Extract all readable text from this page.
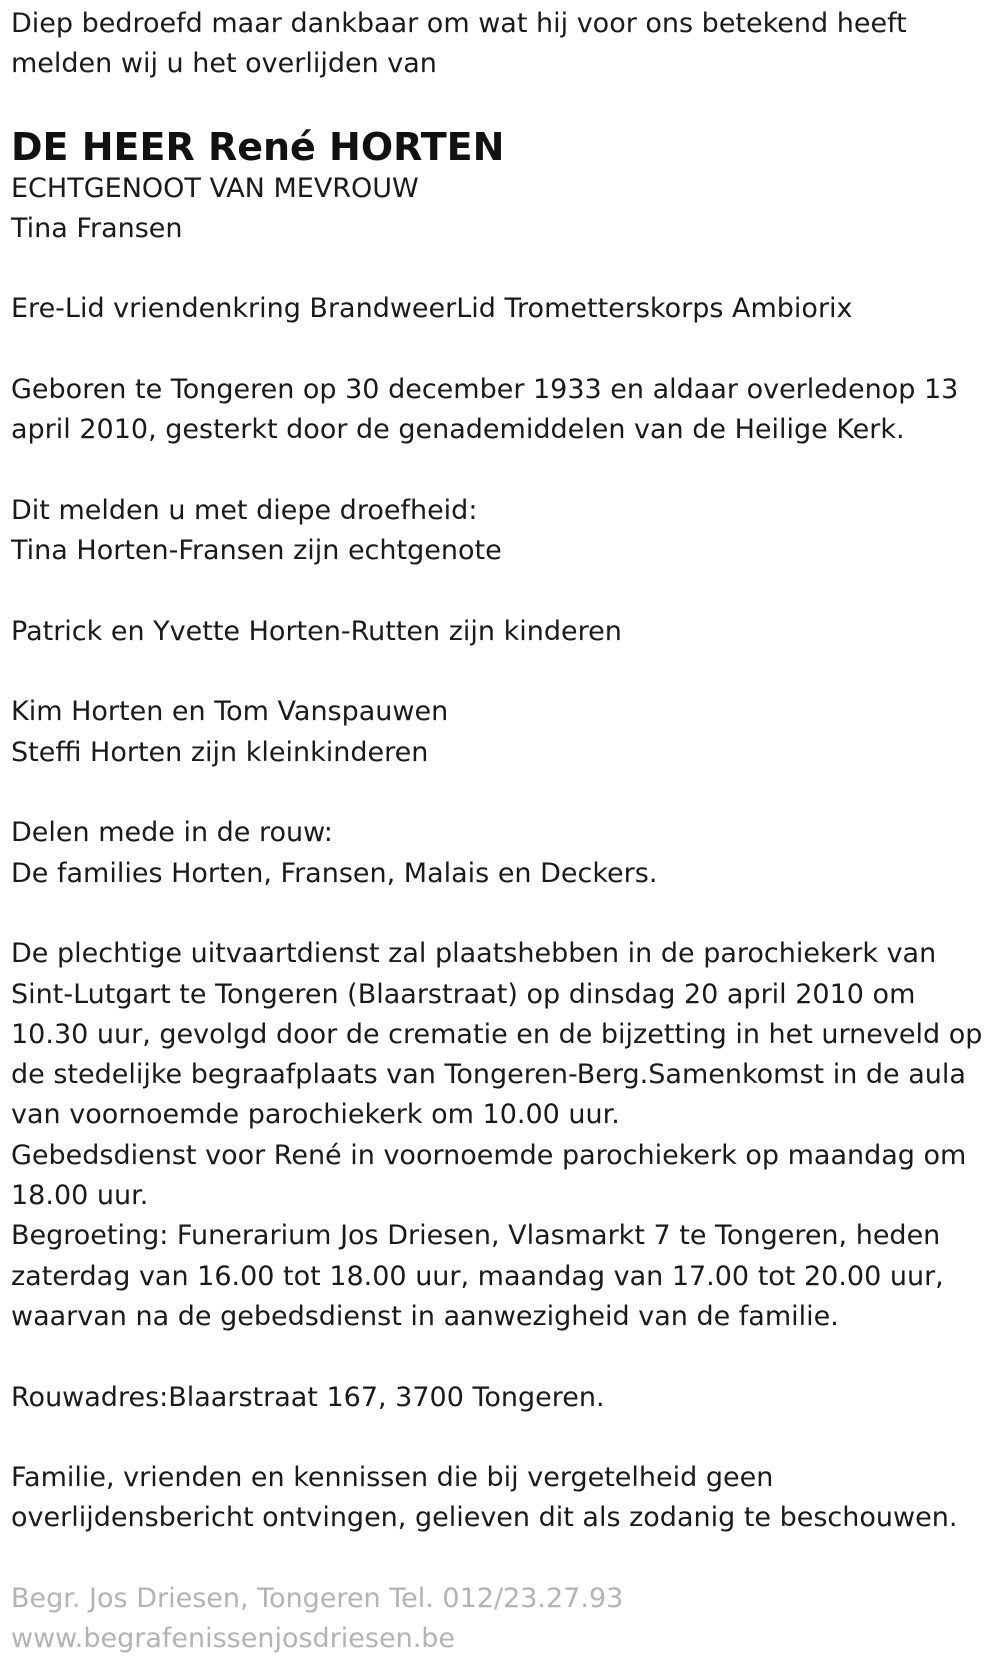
Diep bedroefd maar dankbaar om wat hij voor ons betekend heeft
melden wij u het overlijden van

DE HEER René HORTEN

ECHTGENOOT VAN MEVROUW

Tina Fransen

Ere-Lid vriendenkring BrandweerLid Trometterskorps Ambiorix

Geboren te Tongeren op 30 december 1933 en aldaar overledenop 13
april 2010, gesterkt door de genademiddelen van de Heilige Kerk.

Dit melden u met diepe droefheid:

Tina Horten-Fransen zijn echtgenote

Patrick en Yvette Horten-Rutten zijn kinderen

Kim Horten en Tom Vanspauwen
Steffi Horten zijn kleinkinderen

Delen mede in de rouw:

De families Horten, Fransen, Malais en Deckers.

De plechtige uitvaartdienst zal plaatshebben in de parochiekerk van
Sint-Lutgart te Tongeren (Blaarstraat) op dinsdag 20 april 2010 om
10.30 uur, gevolgd door de crematie en de bijzetting in het urneveld op
de stedelijke begraafplaats van Tongeren-Berg.Samenkomst in de aula
van voornoemde parochiekerk om 10.00 uur.
Gebedsdienst voor René in voornoemde parochiekerk op maandag om
18.00 uur.
Begroeting: Funerarium Jos Driesen, Vlasmarkt 7 te Tongeren, heden
zaterdag van 16.00 tot 18.00 uur, maandag van 17.00 tot 20.00 uur,
waarvan na de gebedsdienst in aanwezigheid van de familie.

Rouwadres:Blaarstraat 167, 3700 Tongeren.

Familie, vrienden en kennissen die bij vergetelheid geen
overlijdensbericht ontvingen, gelieven dit als zodanig te beschouwen.

Begr. Jos Driesen, Tongeren Tel. 012/23.27.93

www.begrafenissenjosdriesen.be
